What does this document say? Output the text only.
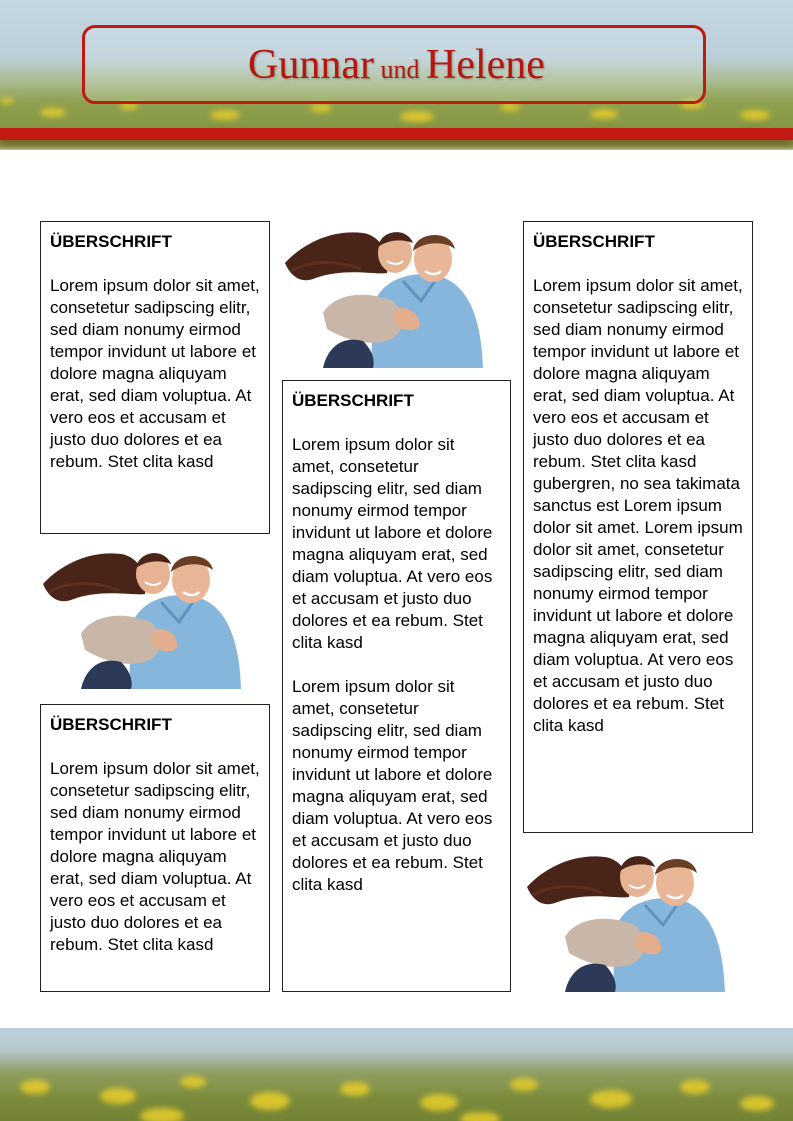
Gunnar und Helene
ÜBERSCHRIFT

Lorem ipsum dolor sit amet, consetetur sadipscing elitr, sed diam nonumy eirmod tempor invidunt ut labore et dolore magna aliquyam erat, sed diam voluptua. At vero eos et accusam et justo duo dolores et ea rebum. Stet clita kasd

ÜBERSCHRIFT

Lorem ipsum dolor sit amet, consetetur sadipscing elitr, sed diam nonumy eirmod tempor invidunt ut labore et dolore magna aliquyam erat, sed diam voluptua. At vero eos et accusam et justo duo dolores et ea rebum. Stet clita kasd

ÜBERSCHRIFT

Lorem ipsum dolor sit amet, consetetur sadipscing elitr, sed diam nonumy eirmod tempor invidunt ut labore et dolore magna aliquyam erat, sed diam voluptua. At vero eos et accusam et justo duo dolores et ea rebum. Stet clita kasd

Lorem ipsum dolor sit amet, consetetur sadipscing elitr, sed diam nonumy eirmod tempor invidunt ut labore et dolore magna aliquyam erat, sed diam voluptua. At vero eos et accusam et justo duo dolores et ea rebum. Stet clita kasd

ÜBERSCHRIFT

Lorem ipsum dolor sit amet, consetetur sadipscing elitr, sed diam nonumy eirmod tempor invidunt ut labore et dolore magna aliquyam erat, sed diam voluptua. At vero eos et accusam et justo duo dolores et ea rebum. Stet clita kasd gubergren, no sea takimata sanctus est Lorem ipsum dolor sit amet. Lorem ipsum dolor sit amet, consetetur sadipscing elitr, sed diam nonumy eirmod tempor invidunt ut labore et dolore magna aliquyam erat, sed diam voluptua. At vero eos et accusam et justo duo dolores et ea rebum. Stet clita kasd
